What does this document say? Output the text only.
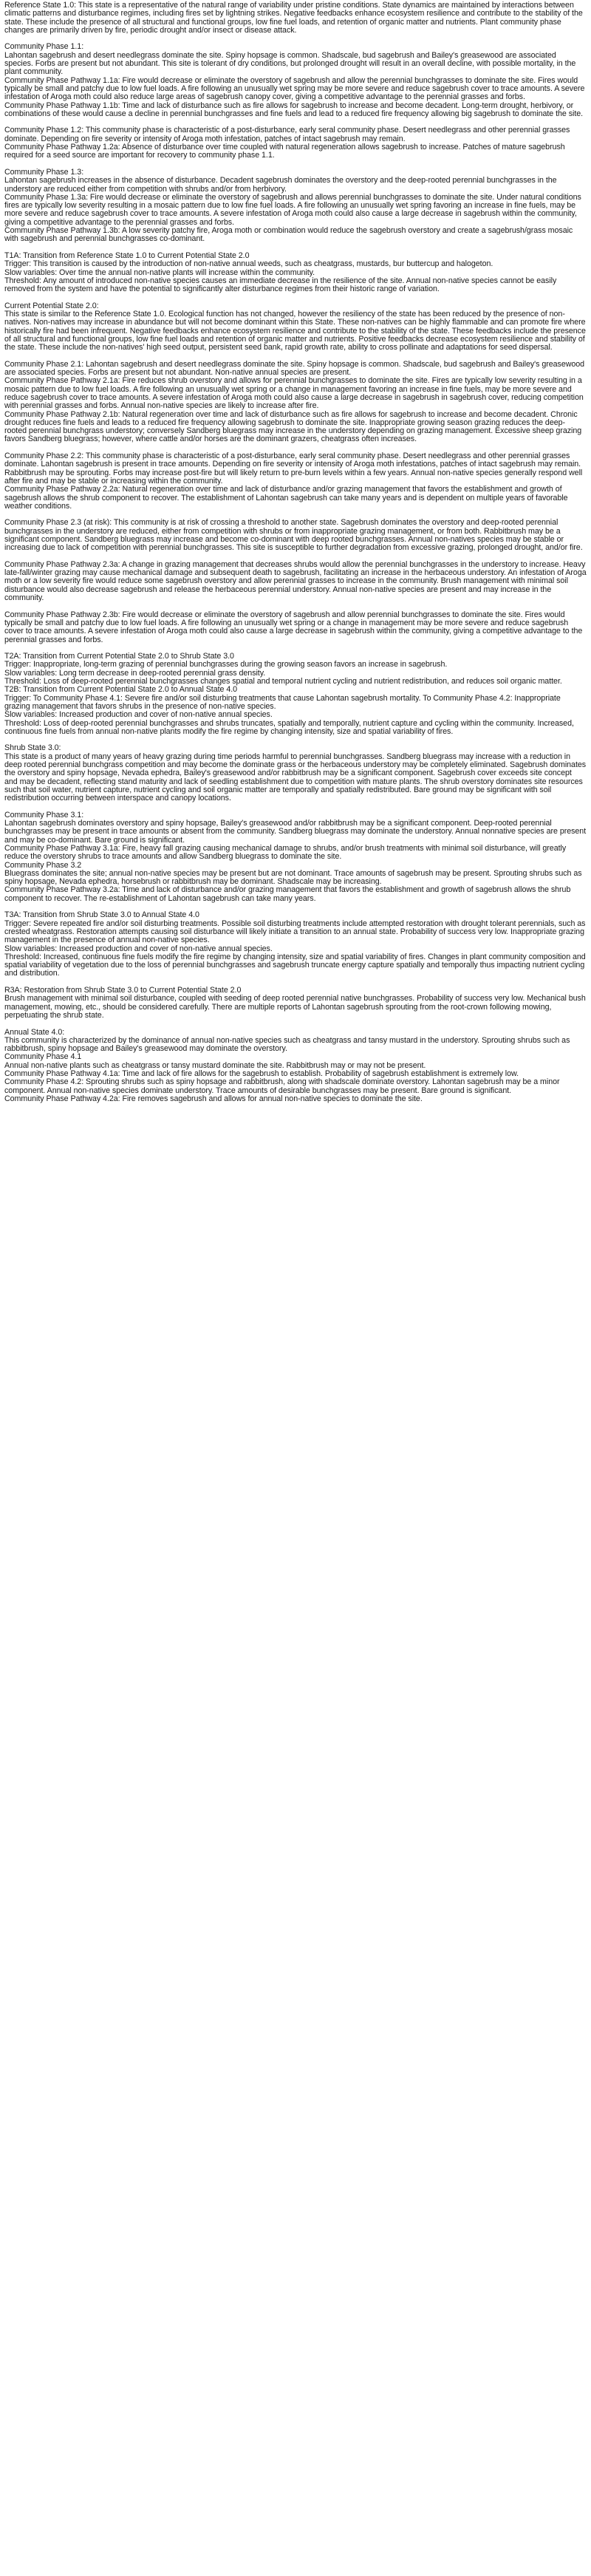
Reference State 1.0: This state is a representative of the natural range of variability under pristine conditions. State dynamics are maintained by interactions between climatic patterns and disturbance regimes, including fires set by lightning strikes. Negative feedbacks enhance ecosystem resilience and contribute to the stability of the state. These include the presence of all structural and functional groups, low fine fuel loads, and retention of organic matter and nutrients. Plant community phase changes are primarily driven by fire, periodic drought and/or insect or disease attack.

Community Phase 1.1:

Lahontan sagebrush and desert needlegrass dominate the site. Spiny hopsage is common. Shadscale, bud sagebrush and Bailey's greasewood are associated species. Forbs are present but not abundant. This site is tolerant of dry conditions, but prolonged drought will result in an overall decline, with possible mortality, in the plant community.

Community Phase Pathway 1.1a: Fire would decrease or eliminate the overstory of sagebrush and allow the perennial bunchgrasses to dominate the site. Fires would typically be small and patchy due to low fuel loads. A fire following an unusually wet spring may be more severe and reduce sagebrush cover to trace amounts. A severe infestation of Aroga moth could also reduce large areas of sagebrush canopy cover, giving a competitive advantage to the perennial grasses and forbs.

Community Phase Pathway 1.1b: Time and lack of disturbance such as fire allows for sagebrush to increase and become decadent. Long-term drought, herbivory, or combinations of these would cause a decline in perennial bunchgrasses and fine fuels and lead to a reduced fire frequency allowing big sagebrush to dominate the site.

Community Phase 1.2: This community phase is characteristic of a post-disturbance, early seral community phase. Desert needlegrass and other perennial grasses dominate. Depending on fire severity or intensity of Aroga moth infestation, patches of intact sagebrush may remain.

Community Phase Pathway 1.2a: Absence of disturbance over time coupled with natural regeneration allows sagebrush to increase. Patches of mature sagebrush required for a seed source are important for recovery to community phase 1.1.

Community Phase 1.3:

Lahontan sagebrush increases in the absence of disturbance. Decadent sagebrush dominates the overstory and the deep-rooted perennial bunchgrasses in the understory are reduced either from competition with shrubs and/or from herbivory.

Community Phase 1.3a: Fire would decrease or eliminate the overstory of sagebrush and allows perennial bunchgrasses to dominate the site. Under natural conditions fires are typically low severity resulting in a mosaic pattern due to low fine fuel loads. A fire following an unusually wet spring favoring an increase in fine fuels, may be more severe and reduce sagebrush cover to trace amounts. A severe infestation of Aroga moth could also cause a large decrease in sagebrush within the community, giving a competitive advantage to the perennial grasses and forbs.

Community Phase Pathway 1.3b: A low severity patchy fire, Aroga moth or combination would reduce the sagebrush overstory and create a sagebrush/grass mosaic with sagebrush and perennial bunchgrasses co-dominant.

T1A: Transition from Reference State 1.0 to Current Potential State 2.0

Trigger: This transition is caused by the introduction of non-native annual weeds, such as cheatgrass, mustards, bur buttercup and halogeton.

Slow variables: Over time the annual non-native plants will increase within the community.

Threshold: Any amount of introduced non-native species causes an immediate decrease in the resilience of the site. Annual non-native species cannot be easily removed from the system and have the potential to significantly alter disturbance regimes from their historic range of variation.

Current Potential State 2.0:

This state is similar to the Reference State 1.0. Ecological function has not changed, however the resiliency of the state has been reduced by the presence of non-natives. Non-natives may increase in abundance but will not become dominant within this State. These non-natives can be highly flammable and can promote fire where historically fire had been infrequent. Negative feedbacks enhance ecosystem resilience and contribute to the stability of the state. These feedbacks include the presence of all structural and functional groups, low fine fuel loads and retention of organic matter and nutrients. Positive feedbacks decrease ecosystem resilience and stability of the state. These include the non-natives' high seed output, persistent seed bank, rapid growth rate, ability to cross pollinate and adaptations for seed dispersal.

Community Phase 2.1: Lahontan sagebrush and desert needlegrass dominate the site. Spiny hopsage is common. Shadscale, bud sagebrush and Bailey's greasewood are associated species. Forbs are present but not abundant. Non-native annual species are present.

Community Phase Pathway 2.1a: Fire reduces shrub overstory and allows for perennial bunchgrasses to dominate the site. Fires are typically low severity resulting in a mosaic pattern due to low fuel loads. A fire following an unusually wet spring or a change in management favoring an increase in fine fuels, may be more severe and reduce sagebrush cover to trace amounts. A severe infestation of Aroga moth could also cause a large decrease in sagebrush in sagebrush cover, reducing competition with perennial grasses and forbs. Annual non-native species are likely to increase after fire.

Community Phase Pathway 2.1b: Natural regeneration over time and lack of disturbance such as fire allows for sagebrush to increase and become decadent. Chronic drought reduces fine fuels and leads to a reduced fire frequency allowing sagebrush to dominate the site. Inappropriate growing season grazing reduces the deep-rooted perennial bunchgrass understory; conversely Sandberg bluegrass may increase in the understory depending on grazing management. Excessive sheep grazing favors Sandberg bluegrass; however, where cattle and/or horses are the dominant grazers, cheatgrass often increases.

Community Phase 2.2: This community phase is characteristic of a post-disturbance, early seral community phase. Desert needlegrass and other perennial grasses dominate. Lahontan sagebrush is present in trace amounts. Depending on fire severity or intensity of Aroga moth infestations, patches of intact sagebrush may remain. Rabbitbrush may be sprouting. Forbs may increase post-fire but will likely return to pre-burn levels within a few years. Annual non-native species generally respond well after fire and may be stable or increasing within the community.

Community Phase Pathway 2.2a: Natural regeneration over time and lack of disturbance and/or grazing management that favors the establishment and growth of sagebrush allows the shrub component to recover. The establishment of Lahontan sagebrush can take many years and is dependent on multiple years of favorable weather conditions.

Community Phase 2.3 (at risk): This community is at risk of crossing a threshold to another state. Sagebrush dominates the overstory and deep-rooted perennial bunchgrasses in the understory are reduced, either from competition with shrubs or from inappropriate grazing management, or from both. Rabbitbrush may be a significant component. Sandberg bluegrass may increase and become co-dominant with deep rooted bunchgrasses. Annual non-natives species may be stable or increasing due to lack of competition with perennial bunchgrasses. This site is susceptible to further degradation from excessive grazing, prolonged drought, and/or fire.

Community Phase Pathway 2.3a: A change in grazing management that decreases shrubs would allow the perennial bunchgrasses in the understory to increase. Heavy late-fall/winter grazing may cause mechanical damage and subsequent death to sagebrush, facilitating an increase in the herbaceous understory. An infestation of Aroga moth or a low severity fire would reduce some sagebrush overstory and allow perennial grasses to increase in the community. Brush management with minimal soil disturbance would also decrease sagebrush and release the herbaceous perennial understory. Annual non-native species are present and may increase in the community.

Community Phase Pathway 2.3b: Fire would decrease or eliminate the overstory of sagebrush and allow perennial bunchgrasses to dominate the site. Fires would typically be small and patchy due to low fuel loads. A fire following an unusually wet spring or a change in management may be more severe and reduce sagebrush cover to trace amounts. A severe infestation of Aroga moth could also cause a large decrease in sagebrush within the community, giving a competitive advantage to the perennial grasses and forbs.

T2A: Transition from Current Potential State 2.0 to Shrub State 3.0

Trigger: Inappropriate, long-term grazing of perennial bunchgrasses during the growing season favors an increase in sagebrush.

Slow variables: Long term decrease in deep-rooted perennial grass density.

Threshold: Loss of deep-rooted perennial bunchgrasses changes spatial and temporal nutrient cycling and nutrient redistribution, and reduces soil organic matter.

T2B: Transition from Current Potential State 2.0 to Annual State 4.0

Trigger: To Community Phase 4.1: Severe fire and/or soil disturbing treatments that cause Lahontan sagebrush mortality. To Community Phase 4.2: Inappropriate grazing management that favors shrubs in the presence of non-native species.

Slow variables: Increased production and cover of non-native annual species.

Threshold: Loss of deep-rooted perennial bunchgrasses and shrubs truncates, spatially and temporally, nutrient capture and cycling within the community. Increased, continuous fine fuels from annual non-native plants modify the fire regime by changing intensity, size and spatial variability of fires.

Shrub State 3.0:

This state is a product of many years of heavy grazing during time periods harmful to perennial bunchgrasses. Sandberg bluegrass may increase with a reduction in deep rooted perennial bunchgrass competition and may become the dominate grass or the herbaceous understory may be completely eliminated. Sagebrush dominates the overstory and spiny hopsage, Nevada ephedra, Bailey's greasewood and/or rabbitbrush may be a significant component. Sagebrush cover exceeds site concept and may be decadent, reflecting stand maturity and lack of seedling establishment due to competition with mature plants. The shrub overstory dominates site resources such that soil water, nutrient capture, nutrient cycling and soil organic matter are temporally and spatially redistributed. Bare ground may be significant with soil redistribution occurring between interspace and canopy locations.

Community Phase 3.1:

Lahontan sagebrush dominates overstory and spiny hopsage, Bailey's greasewood and/or rabbitbrush may be a significant component. Deep-rooted perennial bunchgrasses may be present in trace amounts or absent from the community. Sandberg bluegrass may dominate the understory. Annual nonnative species are present and may be co-dominant. Bare ground is significant.

Community Phase Pathway 3.1a: Fire, heavy fall grazing causing mechanical damage to shrubs, and/or brush treatments with minimal soil disturbance, will greatly reduce the overstory shrubs to trace amounts and allow Sandberg bluegrass to dominate the site.

Community Phase 3.2

Bluegrass dominates the site; annual non-native species may be present but are not dominant. Trace amounts of sagebrush may be present. Sprouting shrubs such as spiny hopsage, Nevada ephedra, horsebrush or rabbitbrush may be dominant. Shadscale may be increasing.

Community Phase Pathway 3.2a: Time and lack of disturbance and/or grazing management that favors the establishment and growth of sagebrush allows the shrub component to recover. The re-establishment of Lahontan sagebrush can take many years.

T3A: Transition from Shrub State 3.0 to Annual State 4.0

Trigger: Severe repeated fire and/or soil disturbing treatments. Possible soil disturbing treatments include attempted restoration with drought tolerant perennials, such as crested wheatgrass. Restoration attempts causing soil disturbance will likely initiate a transition to an annual state. Probability of success very low. Inappropriate grazing management in the presence of annual non-native species.

Slow variables: Increased production and cover of non-native annual species.

Threshold: Increased, continuous fine fuels modify the fire regime by changing intensity, size and spatial variability of fires. Changes in plant community composition and spatial variability of vegetation due to the loss of perennial bunchgrasses and sagebrush truncate energy capture spatially and temporally thus impacting nutrient cycling and distribution.

R3A: Restoration from Shrub State 3.0 to Current Potential State 2.0

Brush management with minimal soil disturbance, coupled with seeding of deep rooted perennial native bunchgrasses. Probability of success very low. Mechanical bush management, mowing, etc., should be considered carefully. There are multiple reports of Lahontan sagebrush sprouting from the root-crown following mowing, perpetuating the shrub state.

Annual State 4.0:

This community is characterized by the dominance of annual non-native species such as cheatgrass and tansy mustard in the understory. Sprouting shrubs such as rabbitbrush, spiny hopsage and Bailey's greasewood may dominate the overstory.

Community Phase 4.1

Annual non-native plants such as cheatgrass or tansy mustard dominate the site. Rabbitbrush may or may not be present.

Community Phase Pathway 4.1a: Time and lack of fire allows for the sagebrush to establish. Probability of sagebrush establishment is extremely low.

Community Phase 4.2: Sprouting shrubs such as spiny hopsage and rabbitbrush, along with shadscale dominate overstory. Lahontan sagebrush may be a minor component. Annual non-native species dominate understory. Trace amounts of desirable bunchgrasses may be present. Bare ground is significant.

Community Phase Pathway 4.2a: Fire removes sagebrush and allows for annual non-native species to dominate the site.
